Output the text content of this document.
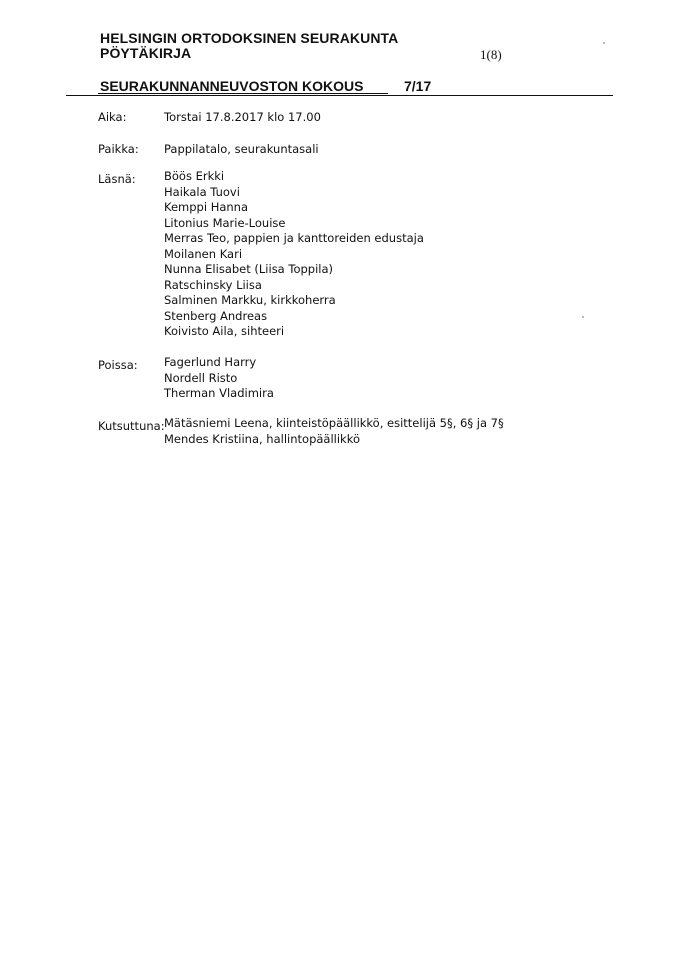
HELSINGIN ORTODOKSINEN SEURAKUNTA
PÖYTÄKIRJA	1(8)
SEURAKUNNANNEUVOSTON KOKOUS	7/17
Aika:	Torstai 17.8.2017 klo 17.00
Paikka: Pappilatalo, seurakuntasali
Läsnä: Böös Erkki
Haikala Tuovi
Kemppi Hanna
Litonius Marie-Louise
Merras Teo, pappien ja kanttoreiden edustaja
Moilanen Kari
Nunna Elisabet (Liisa Toppila)
Ratschinsky Liisa
Salminen Markku, kirkkoherra
Stenberg Andreas
Koivisto Aila, sihteeri
Poissa: Fagerlund Harry
Nordell Risto
Therman Vladimira
Kutsuttuna: Mätäsniemi Leena, kiinteistöpäällikkö, esittelijä 5§, 6§ ja 7§
Mendes Kristiina, hallintopäällikkö
